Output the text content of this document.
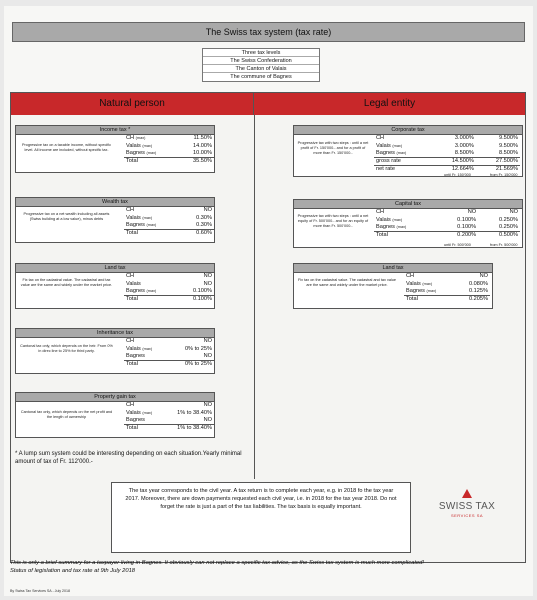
The Swiss tax system (tax rate)
Three tax levels
The Swiss Confederation
The Canton of Valais
The commune of Bagnes
Natural person	Legal entity
Income tax *
Progressive tax on a taxable income, without specific level. All income are included, without specific tax.
CH (max)	11.50%
Valais (max)	14.00%
Bagnes (max)	10.00%
Total	35.50%
Wealth tax
Progressive tax on a net wealth including all assets (Swiss building at a low value), minus debts
CH	NO
Valais (max)	0.30%
Bagnes (max)	0.30%
Total	0.60%
Land tax
Fix tax on the cadastral value. The cadastral and tax value are the same and widely under the market price.
CH	NO
Valais	NO
Bagnes (max)	0.100%
Total	0.100%
Inheritance tax
Cantonal tax only, which depends on the heir. From 0% in direc line to 25% for third party.
CH	NO
Valais (max)	0% to 25%
Bagnes	NO
Total	0% to 25%
Property gain tax
Cantonal tax only, which depends on the net profit and the length of ownership
CH	NO
Valais (max)	1% to 38.40%
Bagnes	NO
Total	1% to 38.40%
Corporate tax
Progressive tax with two steps : until a net profit of Fr. 150'000.- and for a profit of more than Fr. 150'000.-
CH	3.000%	9.500%
Valais (max)	3.000%	9.500%
Bagnes (max)	8.500%	8.500%
gross rate	14.500%	27.500%
net rate	12.664%	21.569%
until Fr. 150'000	from Fr. 150'000
Capital tax
Progressive tax with two steps : until a net equity of Fr. 500'000.- and for an equity of more than Fr. 500'000.-
CH	NO	NO
Valais (max)	0.100%	0.250%
Bagnes (max)	0.100%	0.250%
Total	0.200%	0.500%
until Fr. 500'000	from Fr. 500'000
Land tax
Fix tax on the cadastral value. The cadastral and tax value are the same and widely under the market price.
CH	NO
Valais (max)	0.080%
Bagnes (max)	0.125%
Total	0.205%
* A lump sum system could be interesting depending on each situation.Yearly minimal amount of tax of Fr. 112'000.-
The tax year corresponds to the civil year. A tax return is to complete each year, e.g. in 2018 fo the tax year 2017. Moreover, there are down payments requested each civil year, i.e. in 2018 for the tax year 2018. Do not forget the rate is just a part of the tax liabilities. The tax basis is equally important.	SWISS TAX
SERVICES SA
This is only a brief summary for a taxpayer living in Bagnes. It obviously can not replace a specific tax advice, as the Swiss tax system is much more complicated!
Status of legislation and tax rate at 9th July 2018
By Swiss Tax Services SA - July 2018
